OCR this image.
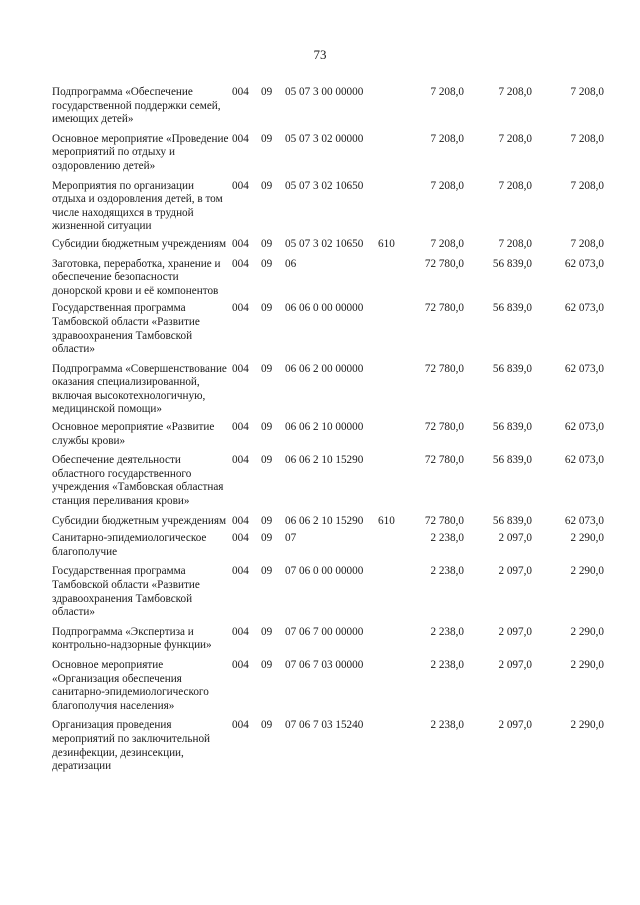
73
Подпрограмма «Обеспечение государственной поддержки семей, имеющих детей»
004 09 05 07 3 00 00000	7 208,0	7 208,0	7 208,0
Основное мероприятие «Проведение мероприятий по отдыху и оздоровлению детей»
004 09 05 07 3 02 00000	7 208,0	7 208,0	7 208,0
Мероприятия по организации отдыха и оздоровления детей, в том числе находящихся в трудной жизненной ситуации
004 09 05 07 3 02 10650	7 208,0	7 208,0	7 208,0
Субсидии бюджетным учреждениям 004 09 05 07 3 02 10650 610	7 208,0	7 208,0	7 208,0
Заготовка, переработка, хранение и обеспечение безопасности донорской крови и её компонентов
004 09 06	72 780,0	56 839,0	62 073,0
Государственная программа Тамбовской области «Развитие здравоохранения Тамбовской области»
004 09 06 06 0 00 00000	72 780,0	56 839,0	62 073,0
Подпрограмма «Совершенствование оказания специализированной, включая высокотехнологичную, медицинской помощи»
004 09 06 06 2 00 00000	72 780,0	56 839,0	62 073,0
Основное мероприятие «Развитие службы крови»
004 09 06 06 2 10 00000	72 780,0	56 839,0	62 073,0
Обеспечение деятельности областного государственного учреждения «Тамбовская областная станция переливания крови»
004 09 06 06 2 10 15290	72 780,0	56 839,0	62 073,0
Субсидии бюджетным учреждениям 004 09 06 06 2 10 15290 610	72 780,0	56 839,0	62 073,0
Санитарно-эпидемиологическое благополучие
004 09 07	2 238,0	2 097,0	2 290,0
Государственная программа Тамбовской области «Развитие здравоохранения Тамбовской области»
004 09 07 06 0 00 00000	2 238,0	2 097,0	2 290,0
Подпрограмма «Экспертиза и контрольно-надзорные функции»
004 09 07 06 7 00 00000	2 238,0	2 097,0	2 290,0
Основное мероприятие «Организация обеспечения санитарно-эпидемиологического благополучия населения»
004 09 07 06 7 03 00000	2 238,0	2 097,0	2 290,0
Организация проведения мероприятий по заключительной дезинфекции, дезинсекции, дератизации
004 09 07 06 7 03 15240	2 238,0	2 097,0	2 290,0
